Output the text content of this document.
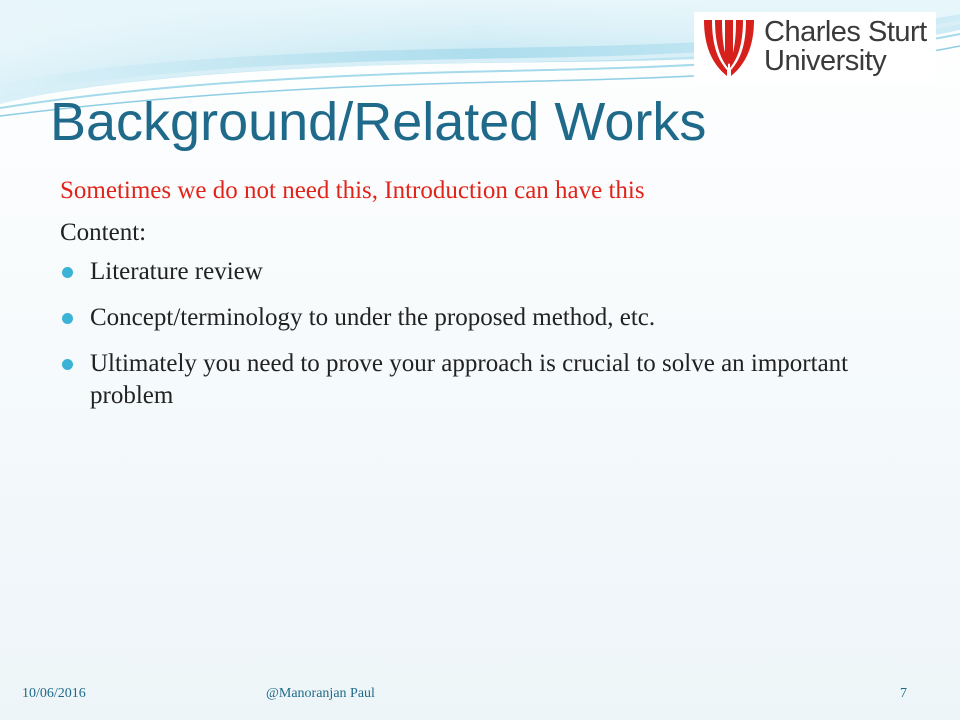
Charles Sturt
University
Background/Related Works

Sometimes we do not need this, Introduction can have this

Content:

Literature review
Concept/terminology to under the proposed method, etc.
Ultimately you need to prove your approach is crucial to solve an important problem
10/06/2016	@Manoranjan Paul	7
